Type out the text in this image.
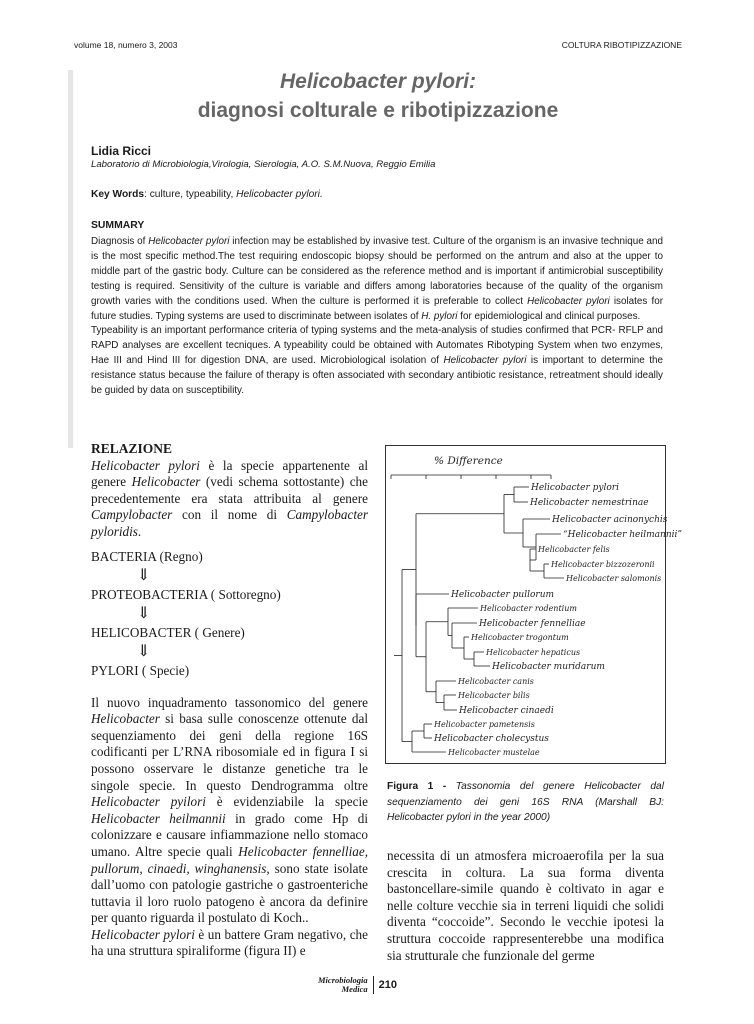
volume 18, numero 3, 2003	COLTURA RIBOTIPIZZAZIONE
Helicobacter pylori:
diagnosi colturale e ribotipizzazione
Lidia Ricci
Laboratorio di Microbiologia,Virologia, Sierologia, A.O. S.M.Nuova, Reggio Emilia
Key Words: culture, typeability, Helicobacter pylori.
SUMMARY

Diagnosis of Helicobacter pylori infection may be established by invasive test. Culture of the organism is an invasive technique and is the most specific method.The test requiring endoscopic biopsy should be performed on the antrum and also at the upper to middle part of the gastric body. Culture can be considered as the reference method and is important if antimicrobial susceptibility testing is required. Sensitivity of the culture is variable and differs among laboratories because of the quality of the organism growth varies with the conditions used. When the culture is performed it is preferable to collect Helicobacter pylori isolates for future studies. Typing systems are used to discriminate between isolates of H. pylori for epidemiological and clinical purposes.

Typeability is an important performance criteria of typing systems and the meta-analysis of studies confirmed that PCR- RFLP and RAPD analyses are excellent tecniques. A typeability could be obtained with Automates Ribotyping System when two enzymes, Hae III and Hind III for digestion DNA, are used. Microbiological isolation of Helicobacter pylori is important to determine the resistance status because the failure of therapy is often associated with secondary antibiotic resistance, retreatment should ideally be guided by data on susceptibility.

RELAZIONE

Helicobacter pylori è la specie appartenente al genere Helicobacter (vedi schema sottostante) che precedentemente era stata attribuita al genere Campylobacter con il nome di Campylobacter pyloridis.

BACTERIA (Regno)
⇓
PROTEOBACTERIA ( Sottoregno)
⇓
HELICOBACTER ( Genere)
⇓
PYLORI ( Specie)

Il nuovo inquadramento tassonomico del genere Helicobacter si basa sulle conoscenze ottenute dal sequenziamento dei geni della regione 16S codificanti per L’RNA ribosomiale ed in figura I si possono osservare le distanze genetiche tra le singole specie. In questo Dendrogramma oltre Helicobacter pyilori è evidenziabile la specie Helicobacter heilmannii in grado come Hp di colonizzare e causare infiammazione nello stomaco umano. Altre specie quali Helicobacter fennelliae, pullorum, cinaedi, winghanensis, sono state isolate dall’uomo con patologie gastriche o gastroenteriche tuttavia il loro ruolo patogeno è ancora da definire per quanto riguarda il postulato di Koch..

Helicobacter pylori è un battere Gram negativo, che ha una struttura spiraliforme (figura II) e

% Difference
Helicobacter pylori
Helicobacter nemestrinae
Helicobacter acinonychis
“Helicobacter heilmannii”
Helicobacter felis
Helicobacter bizzozeronii
Helicobacter salomonis
Helicobacter pullorum
Helicobacter rodentium
Helicobacter fennelliae
Helicobacter trogontum
Helicobacter hepaticus
Helicobacter muridarum
Helicobacter canis
Helicobacter bilis
Helicobacter cinaedi
Helicobacter pametensis
Helicobacter cholecystus
Helicobacter mustelae
Figura 1 - Tassonomia del genere Helicobacter dal sequenziamento dei geni 16S RNA (Marshall BJ: Helicobacter pylori in the year 2000)

necessita di un atmosfera microaerofila per la sua crescita in coltura. La sua forma diventa bastoncellare-simile quando è coltivato in agar e nelle colture vecchie sia in terreni liquidi che solidi diventa “coccoide”. Secondo le vecchie ipotesi la struttura coccoide rappresenterebbe una modifica sia strutturale che funzionale del germe

Microbiologia
Medica	210
